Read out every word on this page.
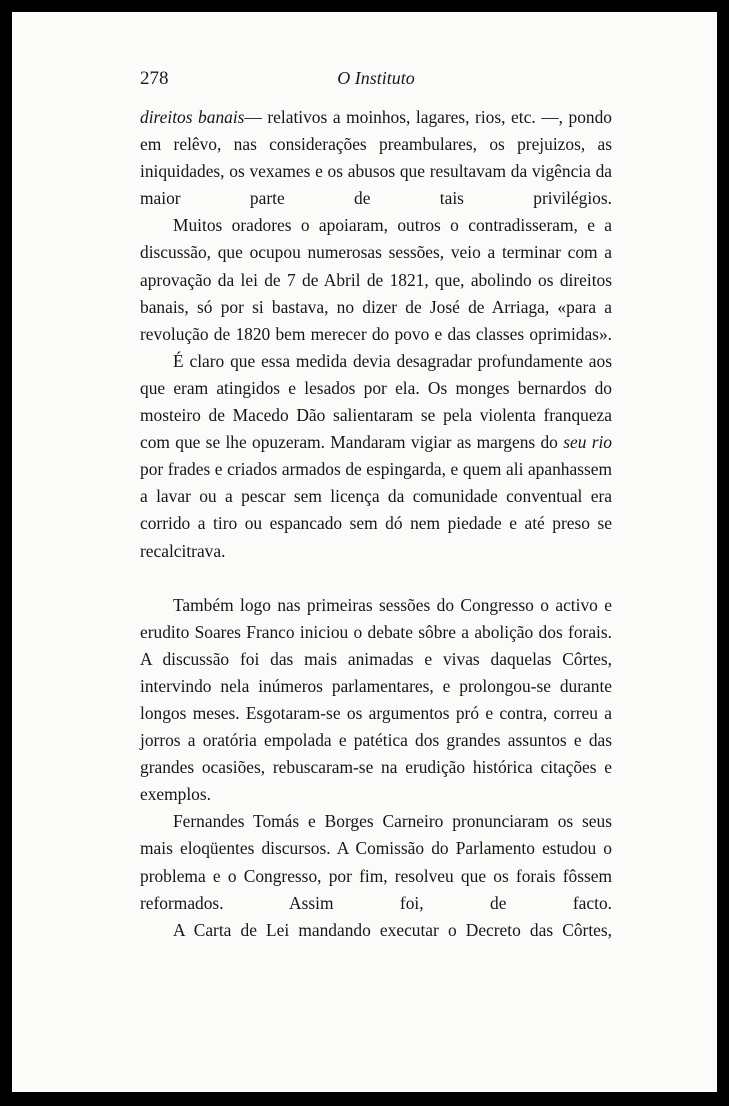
278	O Instituto

direitos banais— relativos a moinhos, lagares, rios, etc. —, pondo em relêvo, nas considerações preambulares, os prejuizos, as iniquidades, os vexames e os abusos que resultavam da vigência da maior parte de tais privilégios.

Muitos oradores o apoiaram, outros o contradisseram, e a discussão, que ocupou numerosas sessões, veio a terminar com a aprovação da lei de 7 de Abril de 1821, que, abolindo os direitos banais, só por si bastava, no dizer de José de Arriaga, «para a revolução de 1820 bem merecer do povo e das classes oprimidas».

É claro que essa medida devia desagradar profundamente aos que eram atingidos e lesados por ela. Os monges bernardos do mosteiro de Macedo Dão salientaram se pela violenta franqueza com que se lhe opuzeram. Mandaram vigiar as margens do seu rio por frades e criados armados de espingarda, e quem ali apanhassem a lavar ou a pescar sem licença da comunidade conventual era corrido a tiro ou espancado sem dó nem piedade e até preso se recalcitrava.

Também logo nas primeiras sessões do Congresso o activo e erudito Soares Franco iniciou o debate sôbre a abolição dos forais. A discussão foi das mais animadas e vivas daquelas Côrtes, intervindo nela inúmeros parlamentares, e prolongou-se durante longos meses. Esgotaram-se os argumentos pró e contra, correu a jorros a oratória empolada e patética dos grandes assuntos e das grandes ocasiões, rebuscaram-se na erudição histórica citações e exemplos.

Fernandes Tomás e Borges Carneiro pronunciaram os seus mais eloqüentes discursos. A Comissão do Parlamento estudou o problema e o Congresso, por fim, resolveu que os forais fôssem reformados. Assim foi, de facto.

A Carta de Lei mandando executar o Decreto das Côrtes,
